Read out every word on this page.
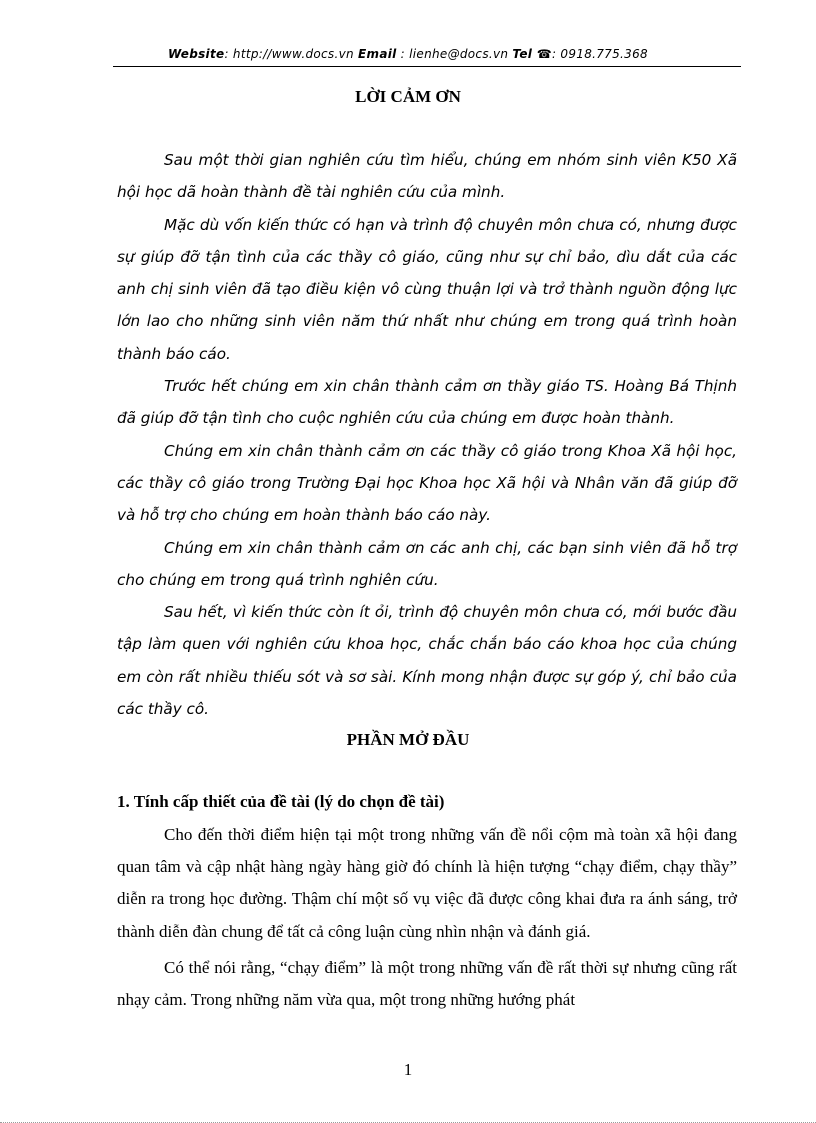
Website: http://www.docs.vn Email : lienhe@docs.vn Tel ☎: 0918.775.368
LỜI CẢM ƠN

Sau một thời gian nghiên cứu tìm hiểu, chúng em nhóm sinh viên K50 Xã hội học dã hoàn thành đề tài nghiên cứu của mình.

Mặc dù vốn kiến thức có hạn và trình độ chuyên môn chưa có, nhưng được sự giúp đỡ tận tình của các thầy cô giáo, cũng như sự chỉ bảo, dìu dắt của các anh chị sinh viên đã tạo điều kiện vô cùng thuận lợi và trở thành nguồn động lực lớn lao cho những sinh viên năm thứ nhất như chúng em trong quá trình hoàn thành báo cáo.

Trước hết chúng em xin chân thành cảm ơn thầy giáo TS. Hoàng Bá Thịnh đã giúp đỡ tận tình cho cuộc nghiên cứu của chúng em được hoàn thành.

Chúng em xin chân thành cảm ơn các thầy cô giáo trong Khoa Xã hội học, các thầy cô giáo trong Trường Đại học Khoa học Xã hội và Nhân văn đã giúp đỡ và hỗ trợ cho chúng em hoàn thành báo cáo này.

Chúng em xin chân thành cảm ơn các anh chị, các bạn sinh viên đã hỗ trợ cho chúng em trong quá trình nghiên cứu.

Sau hết, vì kiến thức còn ít ỏi, trình độ chuyên môn chưa có, mới bước đầu tập làm quen với nghiên cứu khoa học, chắc chắn báo cáo khoa học của chúng em còn rất nhiều thiếu sót và sơ sài. Kính mong nhận được sự góp ý, chỉ bảo của các thầy cô.

PHẦN MỞ ĐẦU
1. Tính cấp thiết của đề tài (lý do chọn đề tài)

Cho đến thời điểm hiện tại một trong những vấn đề nổi cộm mà toàn xã hội đang quan tâm và cập nhật hàng ngày hàng giờ đó chính là hiện tượng “chạy điểm, chạy thầy” diễn ra trong học đường. Thậm chí một số vụ việc đã được công khai đưa ra ánh sáng, trở thành diễn đàn chung để tất cả công luận cùng nhìn nhận và đánh giá.

Có thể nói rằng, “chạy điểm” là một trong những vấn đề rất thời sự nhưng cũng rất nhạy cảm. Trong những năm vừa qua, một trong những hướng phát

1
